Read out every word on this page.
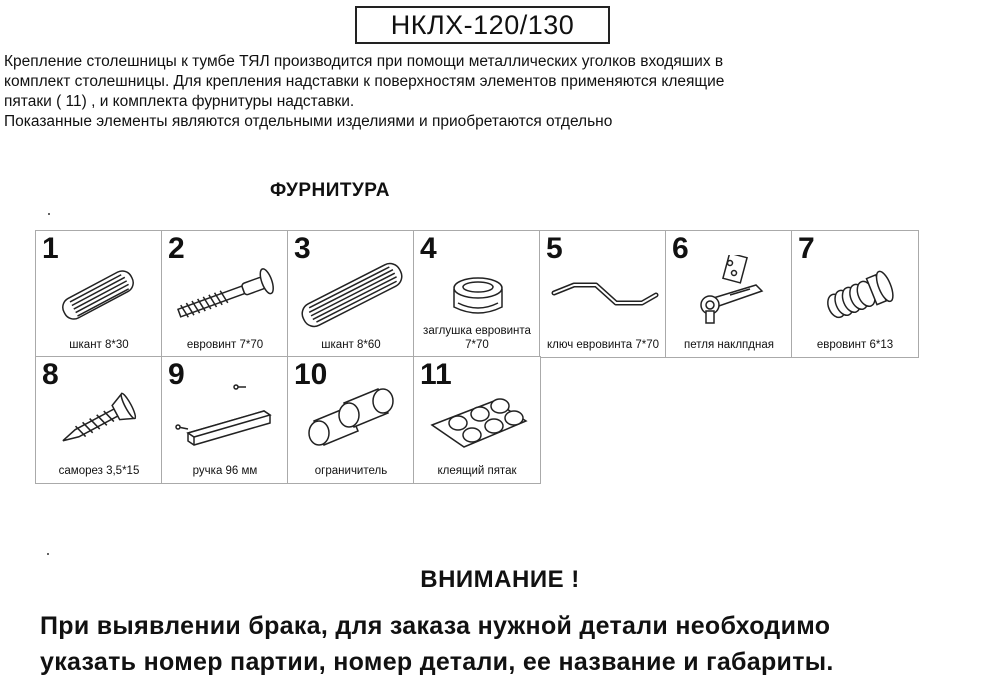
НКЛХ-120/130
Крепление столешницы к тумбе ТЯЛ производится при помощи металлических уголков входяших в
комплект столешницы. Для крепления надставки к поверхностям элементов применяются клеящие
пятаки ( 11) , и комплекта фурнитуры надставки.
Показанные элементы являются отдельными изделиями и приобретаются отдельно
ФУРНИТУРА
1
шкант 8*30
2
евровинт 7*70
3
шкант 8*60
4
заглушка евровинта 7*70
5
ключ евровинта 7*70
6
петля наклпдная
7
евровинт 6*13
8
саморез 3,5*15
9
ручка 96 мм
10
ограничитель
11
клеящий пятак
ВНИМАНИЕ !
При выявлении брака, для заказа нужной детали необходимо
указать номер партии, номер детали, ее название и габариты.
